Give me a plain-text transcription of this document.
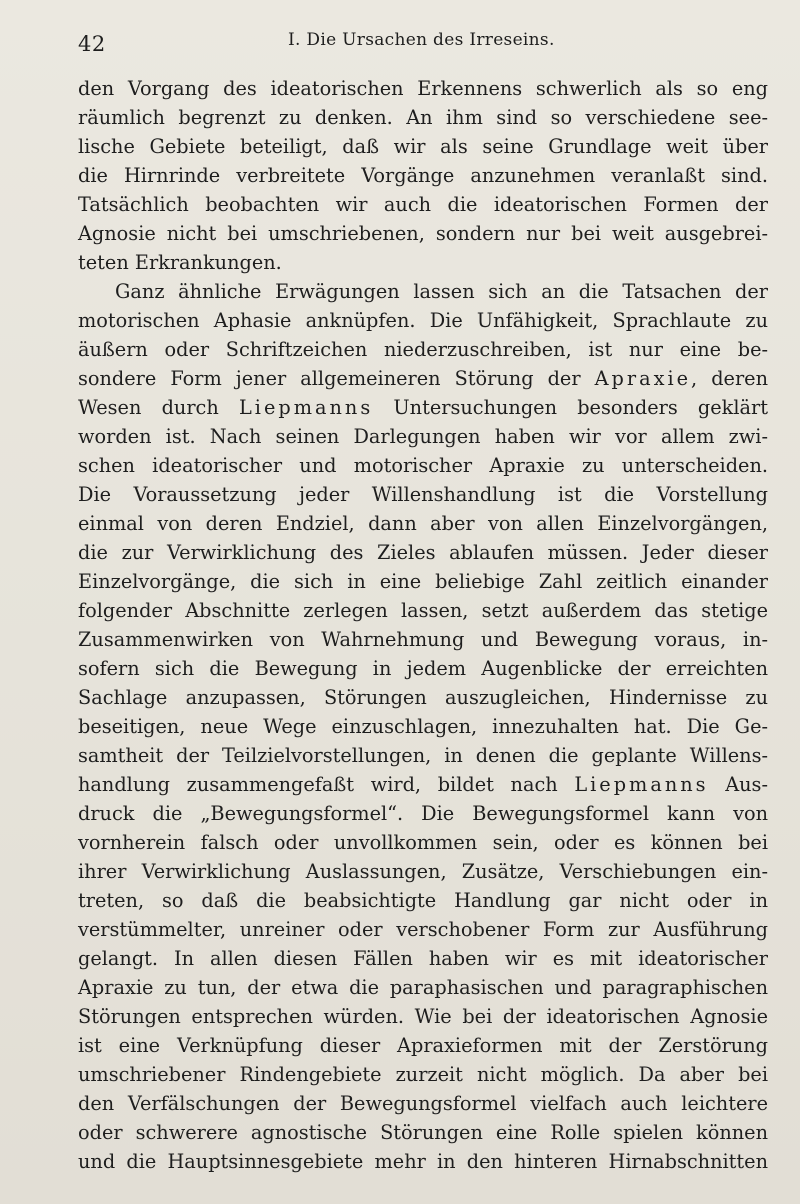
42	I. Die Ursachen des Irreseins.
den Vorgang des ideatorischen Erkennens schwerlich als so eng
räumlich begrenzt zu denken. An ihm sind so verschiedene see-
lische Gebiete beteiligt, daß wir als seine Grundlage weit über
die Hirnrinde verbreitete Vorgänge anzunehmen veranlaßt sind.
Tatsächlich beobachten wir auch die ideatorischen Formen der
Agnosie nicht bei umschriebenen, sondern nur bei weit ausgebrei-
teten Erkrankungen.
Ganz ähnliche Erwägungen lassen sich an die Tatsachen der
motorischen Aphasie anknüpfen. Die Unfähigkeit, Sprachlaute zu
äußern oder Schriftzeichen niederzuschreiben, ist nur eine be-
sondere Form jener allgemeineren Störung der Apraxie, deren
Wesen durch Liepmanns Untersuchungen besonders geklärt
worden ist. Nach seinen Darlegungen haben wir vor allem zwi-
schen ideatorischer und motorischer Apraxie zu unterscheiden.
Die Voraussetzung jeder Willenshandlung ist die Vorstellung
einmal von deren Endziel, dann aber von allen Einzelvorgängen,
die zur Verwirklichung des Zieles ablaufen müssen. Jeder dieser
Einzelvorgänge, die sich in eine beliebige Zahl zeitlich einander
folgender Abschnitte zerlegen lassen, setzt außerdem das stetige
Zusammenwirken von Wahrnehmung und Bewegung voraus, in-
sofern sich die Bewegung in jedem Augenblicke der erreichten
Sachlage anzupassen, Störungen auszugleichen, Hindernisse zu
beseitigen, neue Wege einzuschlagen, innezuhalten hat. Die Ge-
samtheit der Teilzielvorstellungen, in denen die geplante Willens-
handlung zusammengefaßt wird, bildet nach Liepmanns Aus-
druck die „Bewegungsformel“. Die Bewegungsformel kann von
vornherein falsch oder unvollkommen sein, oder es können bei
ihrer Verwirklichung Auslassungen, Zusätze, Verschiebungen ein-
treten, so daß die beabsichtigte Handlung gar nicht oder in
verstümmelter, unreiner oder verschobener Form zur Ausführung
gelangt. In allen diesen Fällen haben wir es mit ideatorischer
Apraxie zu tun, der etwa die paraphasischen und paragraphischen
Störungen entsprechen würden. Wie bei der ideatorischen Agnosie
ist eine Verknüpfung dieser Apraxieformen mit der Zerstörung
umschriebener Rindengebiete zurzeit nicht möglich. Da aber bei
den Verfälschungen der Bewegungsformel vielfach auch leichtere
oder schwerere agnostische Störungen eine Rolle spielen können
und die Hauptsinnesgebiete mehr in den hinteren Hirnabschnitten
